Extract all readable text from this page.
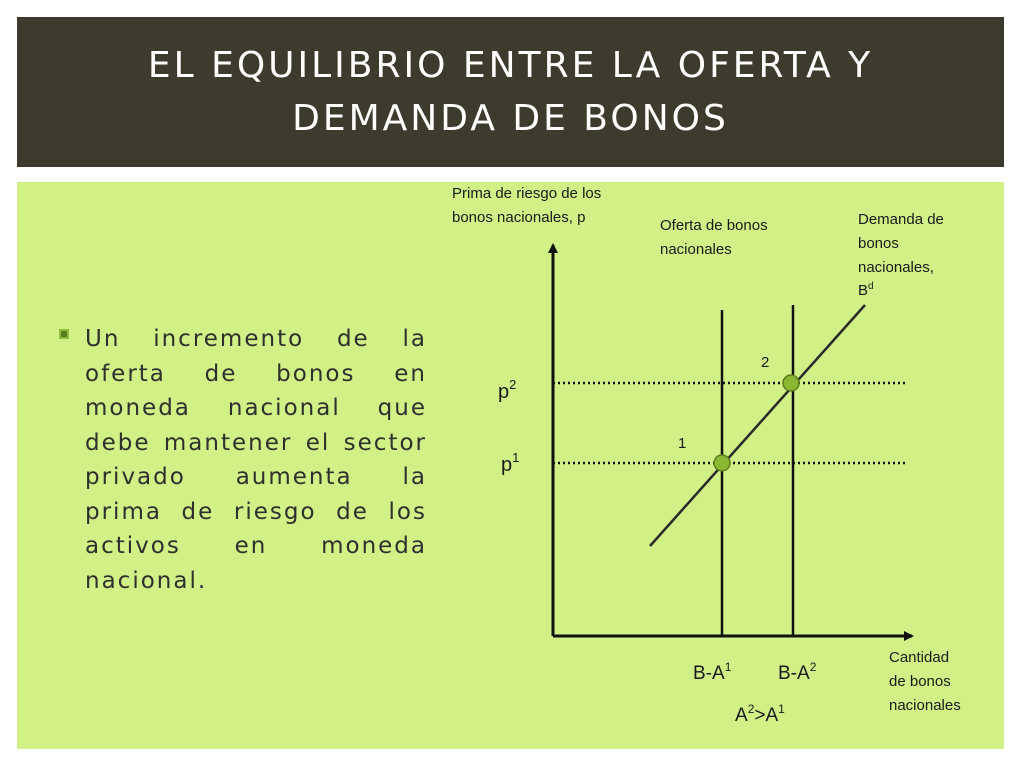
EL EQUILIBRIO ENTRE LA OFERTA Y DEMANDA DE BONOS
Un incremento de la oferta de bonos en moneda nacional que debe mantener el sector privado aumenta la prima de riesgo de los activos en moneda nacional.
Prima de riesgo de los bonos nacionales, p	Oferta de bonos nacionales
Demanda de bonos nacionales, $B^d$
Cantidad de bonos nacionales
$p^2$
$p^1$
2
1
$B-A^1$ $B-A^2$
$A^2>A^1$
